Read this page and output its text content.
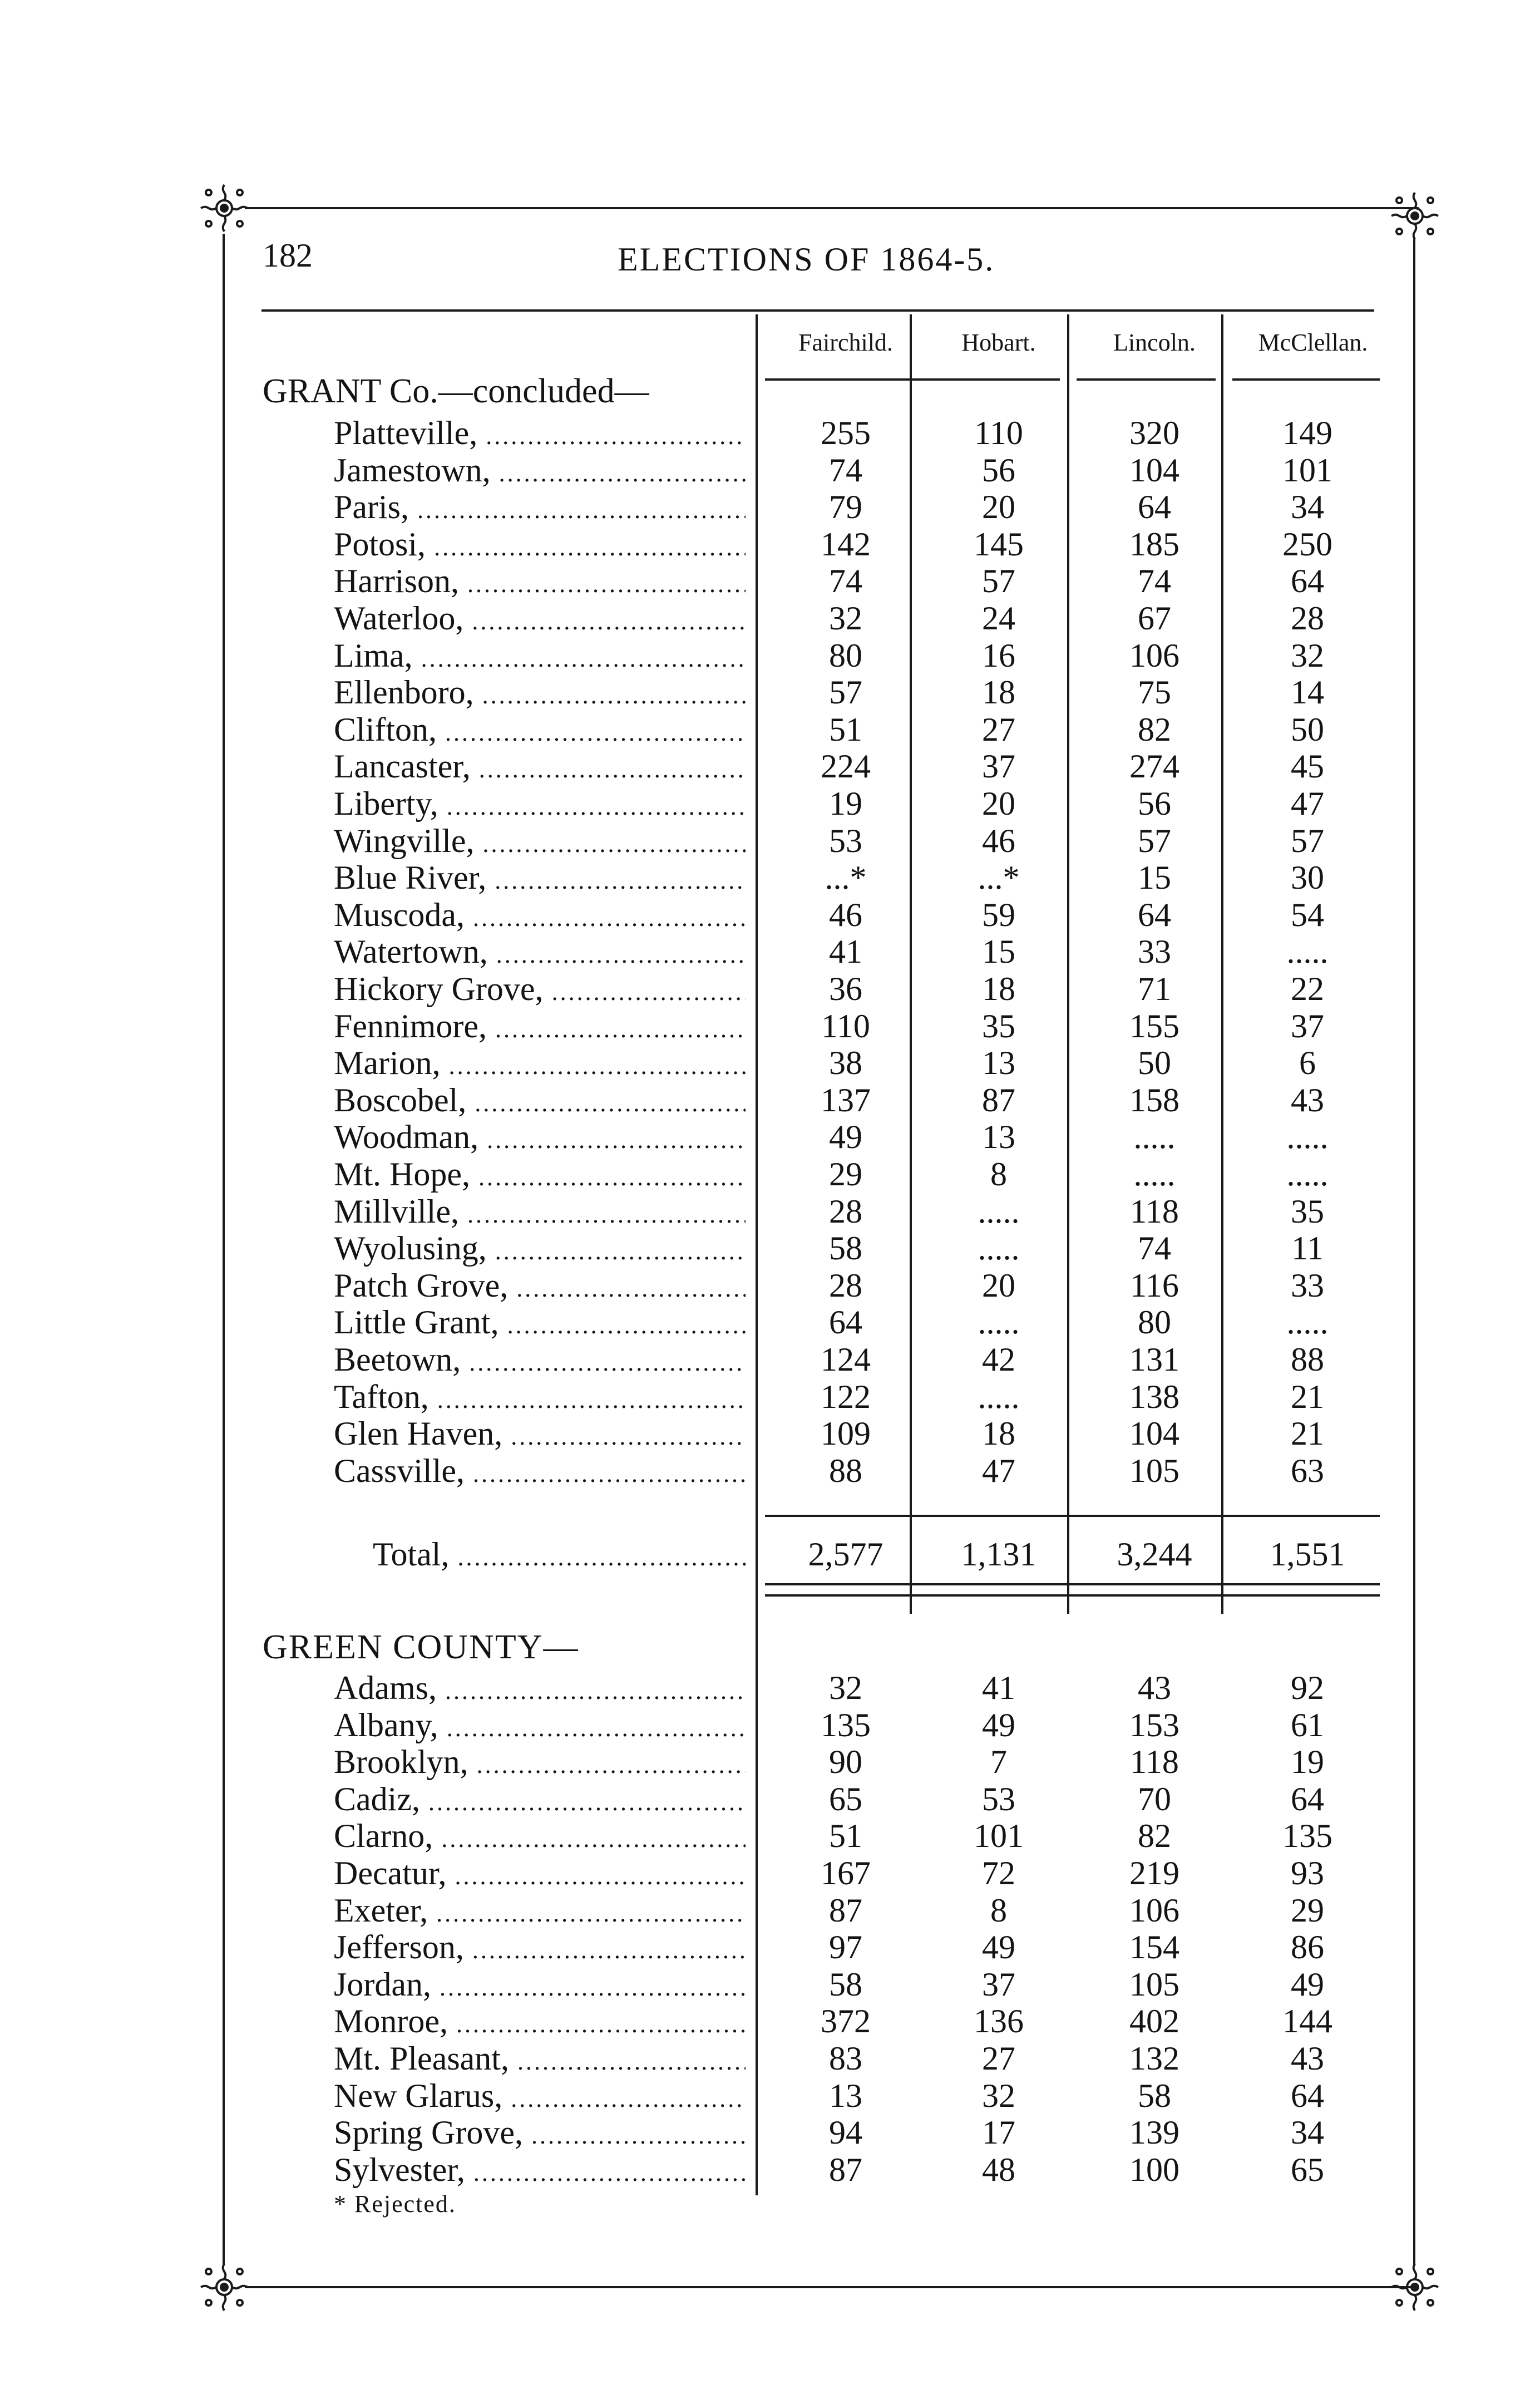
182	ELECTIONS OF 1864-5.
Fairchild.	Hobart.	Lincoln.	McClellan.
GRANT Co.—concluded—
Platteville, .....	255	110	320	149
Jamestown, .....	74	56	104	101
Paris, .....	79	20	64	34
Potosi, .....	142	145	185	250
Harrison, .....	74	57	74	64
Waterloo, .....	32	24	67	28
Lima, .....	80	16	106	32
Ellenboro, .....	57	18	75	14
Clifton, .....	51	27	82	50
Lancaster, .....	224	37	274	45
Liberty, .....	19	20	56	47
Wingville, .....	53	46	57	57
Blue River, .....	...*	...*	15	30
Muscoda, .....	46	59	64	54
Watertown, .....	41	15	33	.....
Hickory Grove, .....	36	18	71	22
Fennimore, .....	110	35	155	37
Marion, .....	38	13	50	6
Boscobel, .....	137	87	158	43
Woodman, .....	49	13	.....	.....
Mt. Hope, .....	29	8	.....	.....
Millville, .....	28	.....	118	35
Wyolusing, .....	58	.....	74	11
Patch Grove, .....	28	20	116	33
Little Grant, .....	64	.....	80	.....
Beetown, .....	124	42	131	88
Tafton, .....	122	.....	138	21
Glen Haven, .....	109	18	104	21
Cassville, .....	88	47	105	63
Total, .....	2,577	1,131	3,244	1,551
GREEN COUNTY—
Adams, .....	32	41	43	92
Albany, .....	135	49	153	61
Brooklyn, .....	90	7	118	19
Cadiz, .....	65	53	70	64
Clarno, .....	51	101	82	135
Decatur, .....	167	72	219	93
Exeter, .....	87	8	106	29
Jefferson, .....	97	49	154	86
Jordan, .....	58	37	105	49
Monroe, .....	372	136	402	144
Mt. Pleasant, .....	83	27	132	43
New Glarus, .....	13	32	58	64
Spring Grove, .....	94	17	139	34
Sylvester, .....	87	48	100	65
* Rejected.
